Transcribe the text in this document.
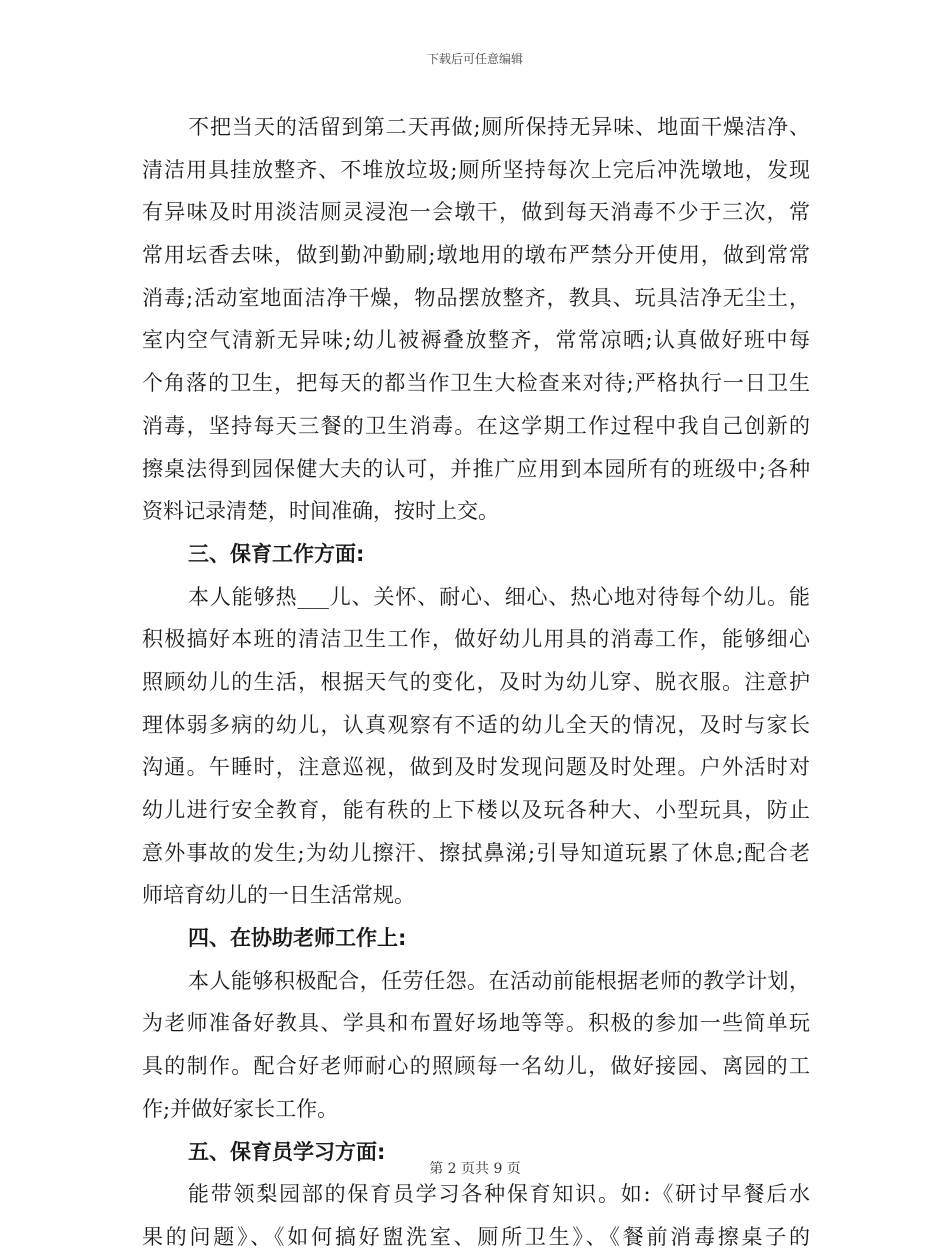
下载后可任意编辑
不把当天的活留到第二天再做;厕所保持无异味、地面干燥洁净、
清洁用具挂放整齐、不堆放垃圾;厕所坚持每次上完后冲洗墩地，发现
有异味及时用淡洁厕灵浸泡一会墩干，做到每天消毒不少于三次，常
常用坛香去味，做到勤冲勤刷;墩地用的墩布严禁分开使用，做到常常
消毒;活动室地面洁净干燥，物品摆放整齐，教具、玩具洁净无尘土，
室内空气清新无异味;幼儿被褥叠放整齐，常常凉晒;认真做好班中每
个角落的卫生，把每天的都当作卫生大检查来对待;严格执行一日卫生
消毒，坚持每天三餐的卫生消毒。在这学期工作过程中我自己创新的
擦桌法得到园保健大夫的认可，并推广应用到本园所有的班级中;各种
资料记录清楚，时间准确，按时上交。
三、保育工作方面:
本人能够热___儿、关怀、耐心、细心、热心地对待每个幼儿。能
积极搞好本班的清洁卫生工作，做好幼儿用具的消毒工作，能够细心
照顾幼儿的生活，根据天气的变化，及时为幼儿穿、脱衣服。注意护
理体弱多病的幼儿，认真观察有不适的幼儿全天的情况，及时与家长
沟通。午睡时，注意巡视，做到及时发现问题及时处理。户外活时对
幼儿进行安全教育，能有秩的上下楼以及玩各种大、小型玩具，防止
意外事故的发生;为幼儿擦汗、擦拭鼻涕;引导知道玩累了休息;配合老
师培育幼儿的一日生活常规。
四、在协助老师工作上:
本人能够积极配合，任劳任怨。在活动前能根据老师的教学计划，
为老师准备好教具、学具和布置好场地等等。积极的参加一些简单玩
具的制作。配合好老师耐心的照顾每一名幼儿，做好接园、离园的工
作;并做好家长工作。
五、保育员学习方面:
能带领梨园部的保育员学习各种保育知识。如:《研讨早餐后水
果的问题》、《如何搞好盥洗室、厕所卫生》、《餐前消毒擦桌子的
第 2 页共 9 页
